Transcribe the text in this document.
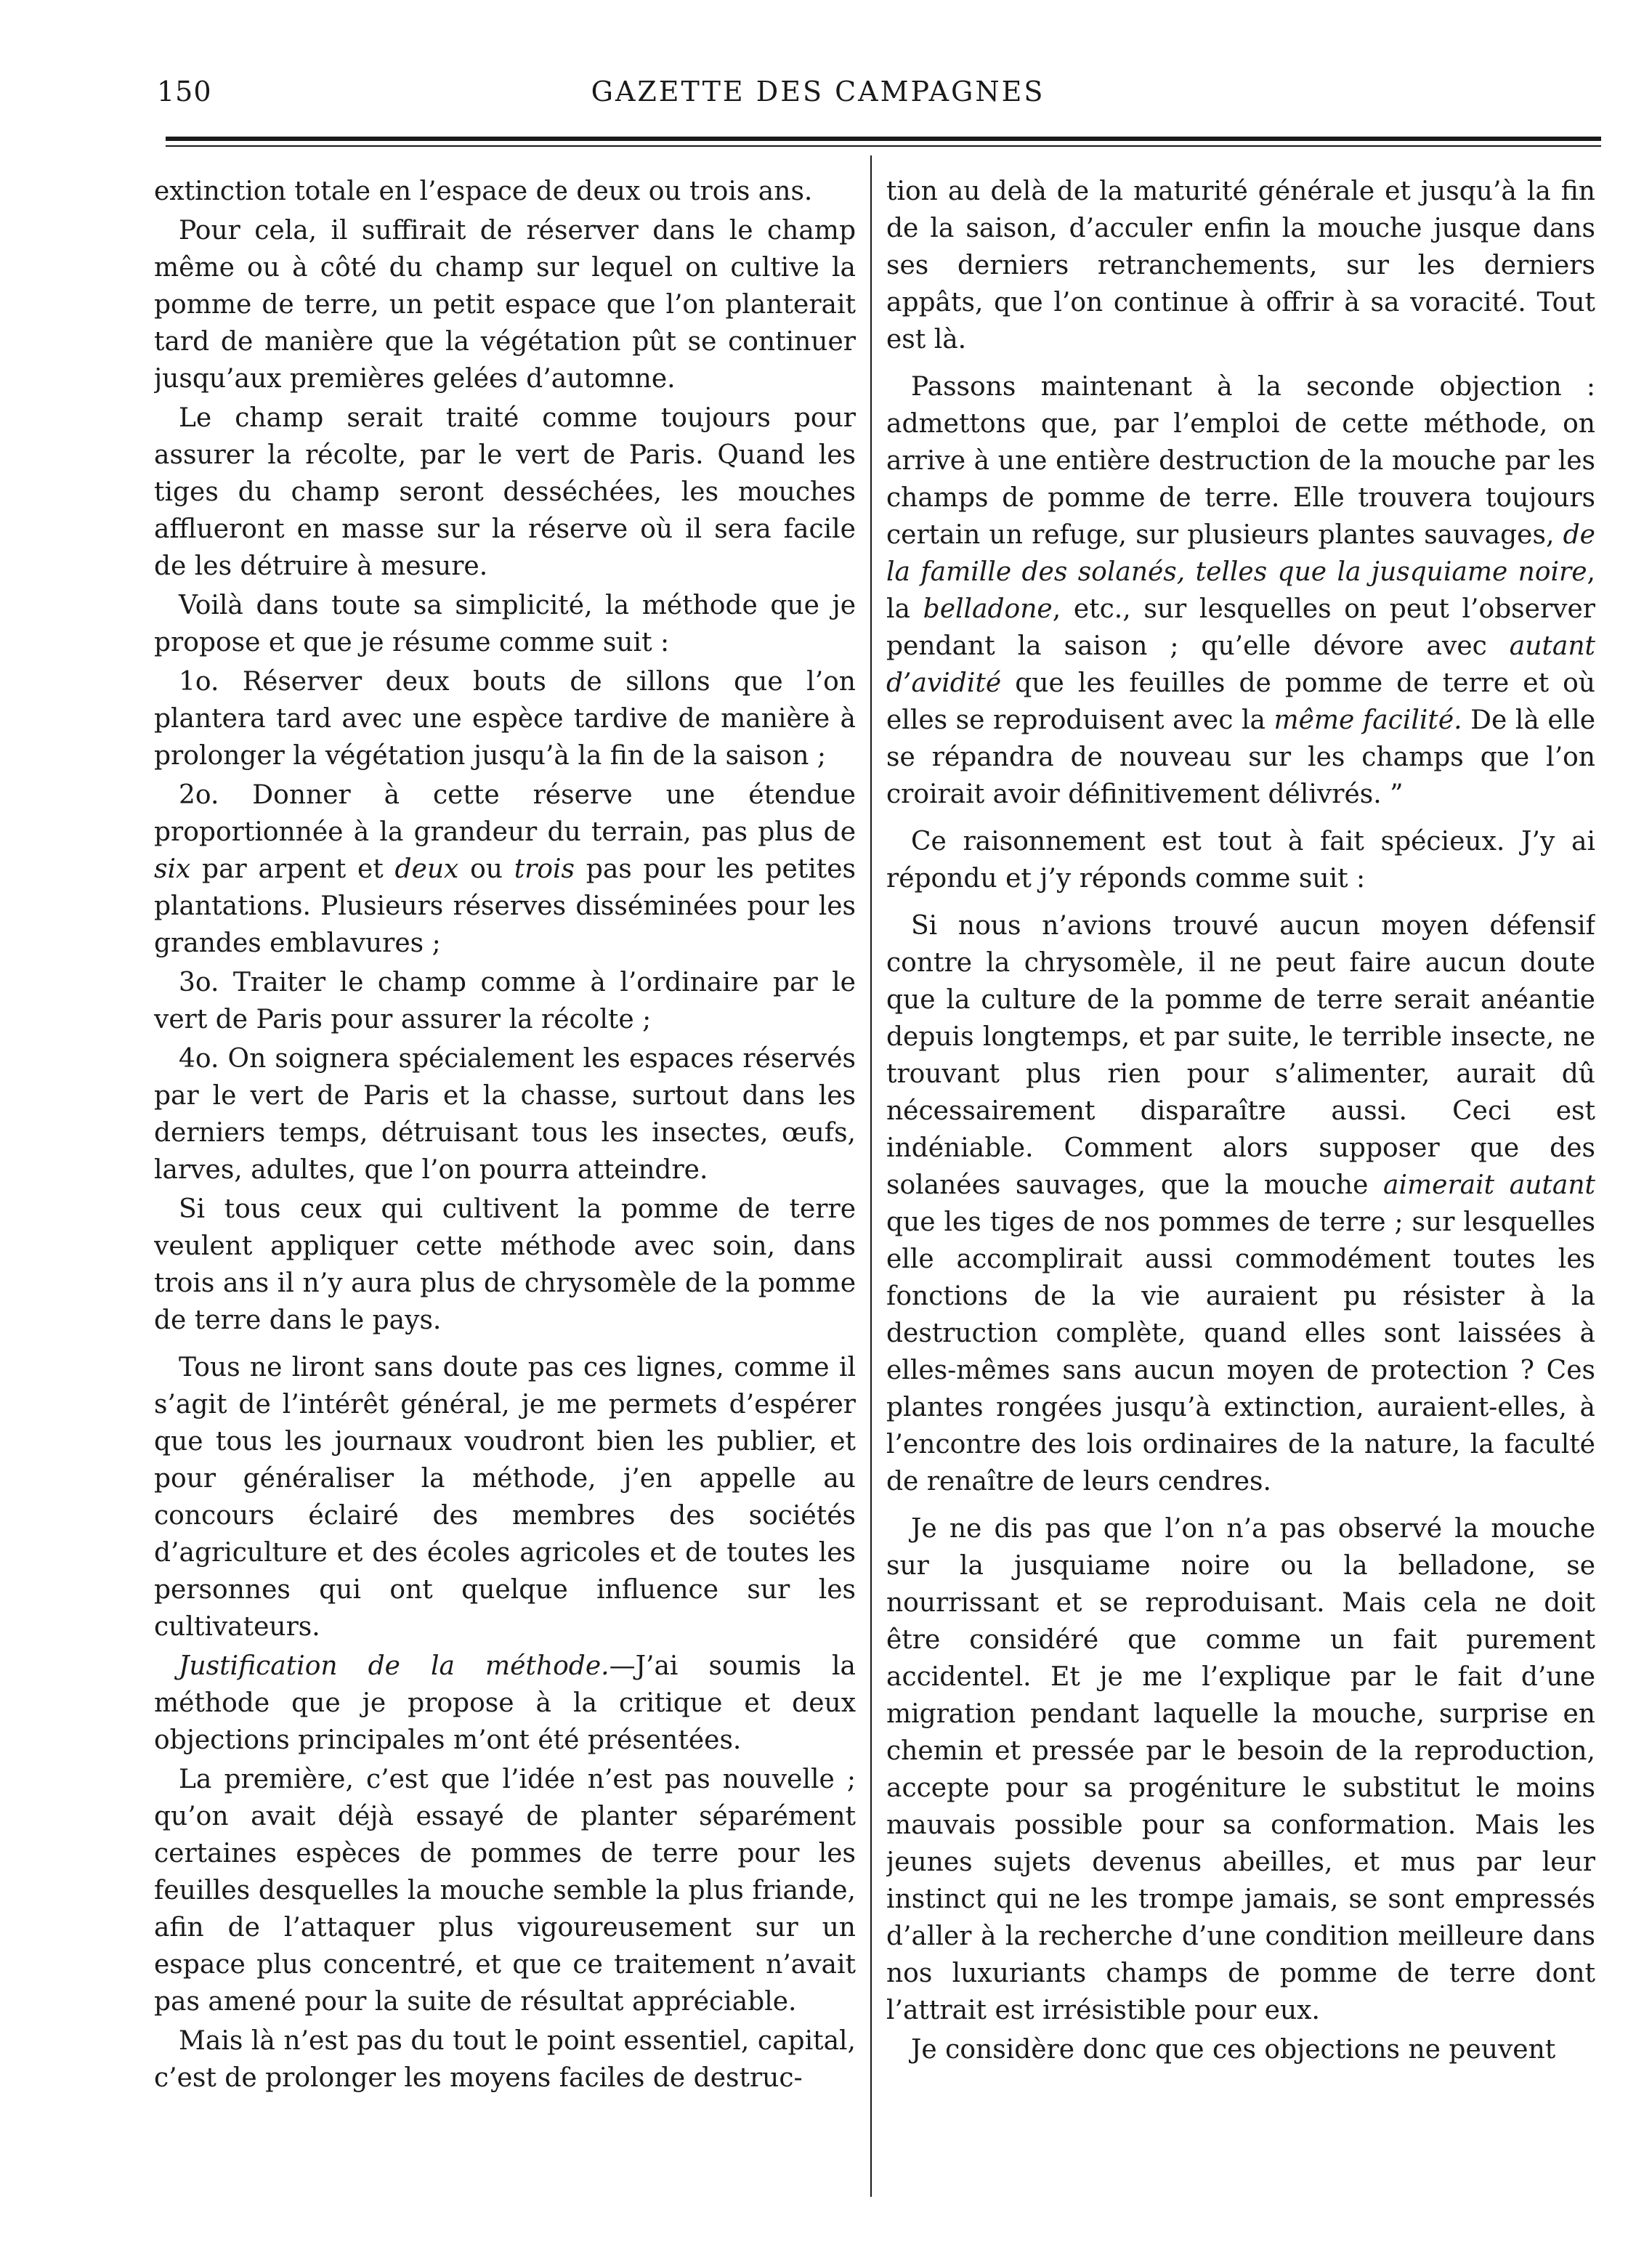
150	GAZETTE DES CAMPAGNES

extinction totale en l’espace de deux ou trois ans.

Pour cela, il suffirait de réserver dans le champ même ou à côté du champ sur lequel on cultive la pomme de terre, un petit espace que l’on planterait tard de manière que la végétation pût se continuer jusqu’aux premières gelées d’automne.

Le champ serait traité comme toujours pour assurer la récolte, par le vert de Paris. Quand les tiges du champ seront desséchées, les mouches afflueront en masse sur la réserve où il sera facile de les détruire à mesure.

Voilà dans toute sa simplicité, la méthode que je propose et que je résume comme suit :

1o. Réserver deux bouts de sillons que l’on plantera tard avec une espèce tardive de manière à prolonger la végétation jusqu’à la fin de la saison ;

2o. Donner à cette réserve une étendue proportionnée à la grandeur du terrain, pas plus de six par arpent et deux ou trois pas pour les petites plantations. Plusieurs réserves disséminées pour les grandes emblavures ;

3o. Traiter le champ comme à l’ordinaire par le vert de Paris pour assurer la récolte ;

4o. On soignera spécialement les espaces réservés par le vert de Paris et la chasse, surtout dans les derniers temps, détruisant tous les insectes, œufs, larves, adultes, que l’on pourra atteindre.

Si tous ceux qui cultivent la pomme de terre veulent appliquer cette méthode avec soin, dans trois ans il n’y aura plus de chrysomèle de la pomme de terre dans le pays.

Tous ne liront sans doute pas ces lignes, comme il s’agit de l’intérêt général, je me permets d’espérer que tous les journaux voudront bien les publier, et pour généraliser la méthode, j’en appelle au concours éclairé des membres des sociétés d’agriculture et des écoles agricoles et de toutes les personnes qui ont quelque influence sur les cultivateurs.

Justification de la méthode.—J’ai soumis la méthode que je propose à la critique et deux objections principales m’ont été présentées.

La première, c’est que l’idée n’est pas nouvelle ; qu’on avait déjà essayé de planter séparément certaines espèces de pommes de terre pour les feuilles desquelles la mouche semble la plus friande, afin de l’attaquer plus vigoureusement sur un espace plus concentré, et que ce traitement n’avait pas amené pour la suite de résultat appréciable.

Mais là n’est pas du tout le point essentiel, capital, c’est de prolonger les moyens faciles de destruc-

tion au delà de la maturité générale et jusqu’à la fin de la saison, d’acculer enfin la mouche jusque dans ses derniers retranchements, sur les derniers appâts, que l’on continue à offrir à sa voracité. Tout est là.

Passons maintenant à la seconde objection : admettons que, par l’emploi de cette méthode, on arrive à une entière destruction de la mouche par les champs de pomme de terre. Elle trouvera toujours certain un refuge, sur plusieurs plantes sauvages, de la famille des solanés, telles que la jusquiame noire, la belladone, etc., sur lesquelles on peut l’observer pendant la saison ; qu’elle dévore avec autant d’avidité que les feuilles de pomme de terre et où elles se reproduisent avec la même facilité. De là elle se répandra de nouveau sur les champs que l’on croirait avoir définitivement délivrés. ”

Ce raisonnement est tout à fait spécieux. J’y ai répondu et j’y réponds comme suit :

Si nous n’avions trouvé aucun moyen défensif contre la chrysomèle, il ne peut faire aucun doute que la culture de la pomme de terre serait anéantie depuis longtemps, et par suite, le terrible insecte, ne trouvant plus rien pour s’alimenter, aurait dû nécessairement disparaître aussi. Ceci est indéniable. Comment alors supposer que des solanées sauvages, que la mouche aimerait autant que les tiges de nos pommes de terre ; sur lesquelles elle accomplirait aussi commodément toutes les fonctions de la vie auraient pu résister à la destruction complète, quand elles sont laissées à elles-mêmes sans aucun moyen de protection ? Ces plantes rongées jusqu’à extinction, auraient-elles, à l’encontre des lois ordinaires de la nature, la faculté de renaître de leurs cendres.

Je ne dis pas que l’on n’a pas observé la mouche sur la jusquiame noire ou la belladone, se nourrissant et se reproduisant. Mais cela ne doit être considéré que comme un fait purement accidentel. Et je me l’explique par le fait d’une migration pendant laquelle la mouche, surprise en chemin et pressée par le besoin de la reproduction, accepte pour sa progéniture le substitut le moins mauvais possible pour sa conformation. Mais les jeunes sujets devenus abeilles, et mus par leur instinct qui ne les trompe jamais, se sont empressés d’aller à la recherche d’une condition meilleure dans nos luxuriants champs de pomme de terre dont l’attrait est irrésistible pour eux.

Je considère donc que ces objections ne peuvent
